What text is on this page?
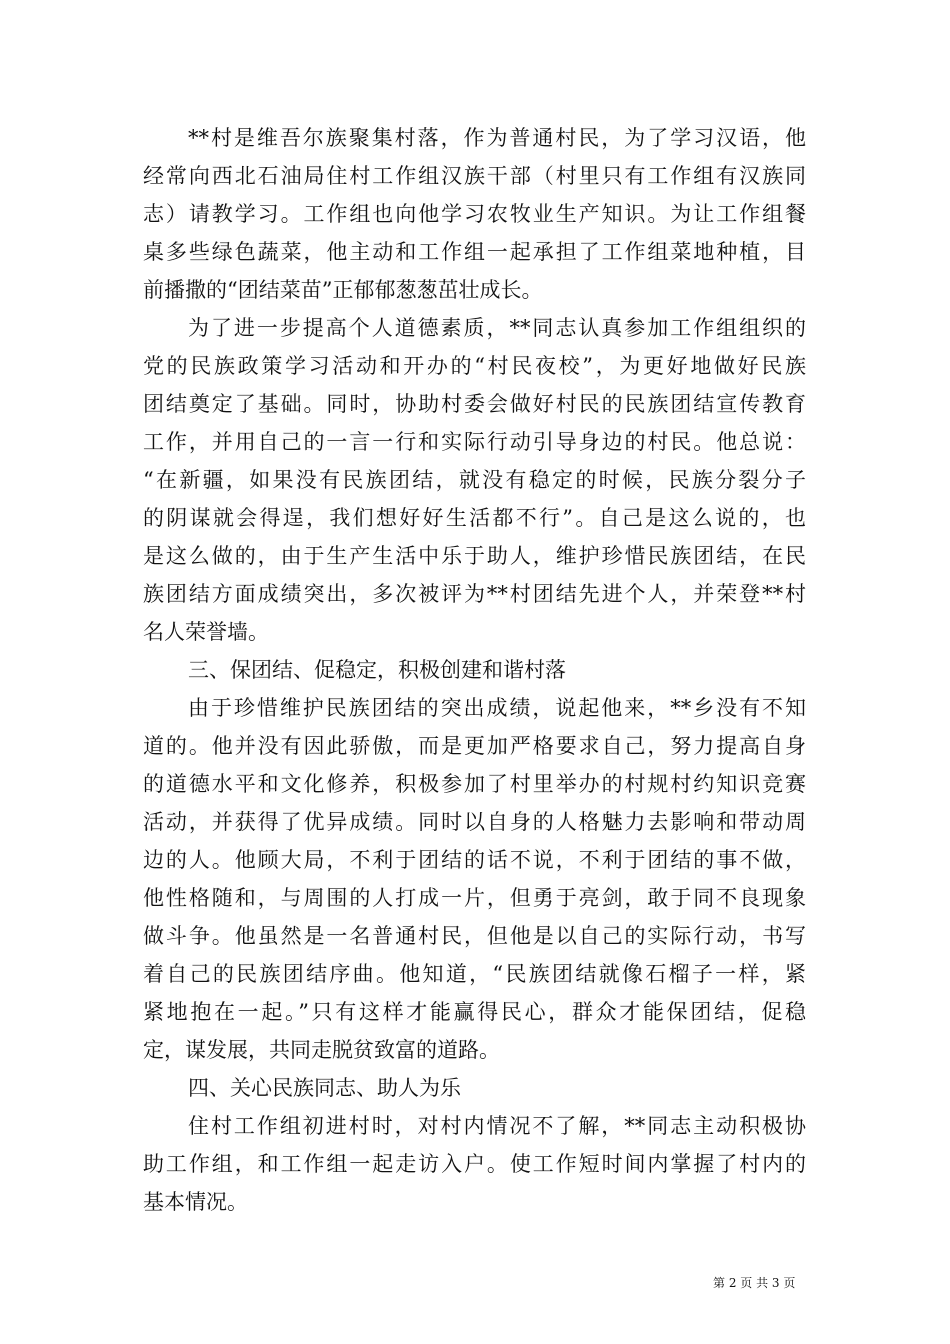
**村是维吾尔族聚集村落，作为普通村民，为了学习汉语，他
经常向西北石油局住村工作组汉族干部（村里只有工作组有汉族同
志）请教学习。工作组也向他学习农牧业生产知识。为让工作组餐
桌多些绿色蔬菜，他主动和工作组一起承担了工作组菜地种植，目
前播撒的“团结菜苗”正郁郁葱葱茁壮成长。
为了进一步提高个人道德素质，**同志认真参加工作组组织的
党的民族政策学习活动和开办的“村民夜校”，为更好地做好民族
团结奠定了基础。同时，协助村委会做好村民的民族团结宣传教育
工作，并用自己的一言一行和实际行动引导身边的村民。他总说：
“在新疆，如果没有民族团结，就没有稳定的时候，民族分裂分子
的阴谋就会得逞，我们想好好生活都不行”。自己是这么说的，也
是这么做的，由于生产生活中乐于助人，维护珍惜民族团结，在民
族团结方面成绩突出，多次被评为**村团结先进个人，并荣登**村
名人荣誉墙。
三、保团结、促稳定，积极创建和谐村落
由于珍惜维护民族团结的突出成绩，说起他来，**乡没有不知
道的。他并没有因此骄傲，而是更加严格要求自己，努力提高自身
的道德水平和文化修养，积极参加了村里举办的村规村约知识竞赛
活动，并获得了优异成绩。同时以自身的人格魅力去影响和带动周
边的人。他顾大局，不利于团结的话不说，不利于团结的事不做，
他性格随和，与周围的人打成一片，但勇于亮剑，敢于同不良现象
做斗争。他虽然是一名普通村民，但他是以自己的实际行动，书写
着自己的民族团结序曲。他知道，“民族团结就像石榴子一样，紧
紧地抱在一起。”只有这样才能赢得民心，群众才能保团结，促稳
定，谋发展，共同走脱贫致富的道路。
四、关心民族同志、助人为乐
住村工作组初进村时，对村内情况不了解，**同志主动积极协
助工作组，和工作组一起走访入户。使工作短时间内掌握了村内的
基本情况。
第 2 页 共 3 页
